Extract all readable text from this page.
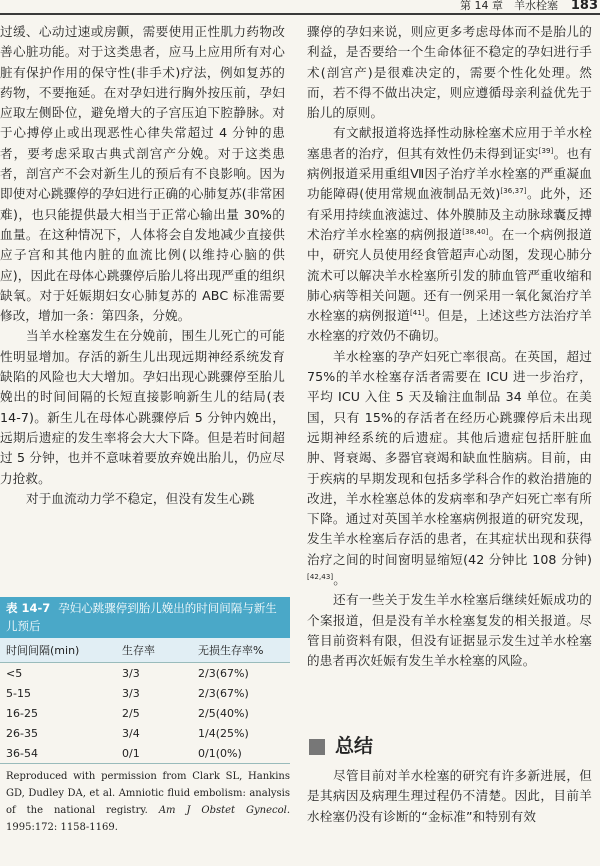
第 14 章　羊水栓塞 183

过缓、心动过速或房颤，需要使用正性肌力药物改善心脏功能。对于这类患者，应马上应用所有对心脏有保护作用的保守性(非手术)疗法，例如复苏的药物，不要拖延。在对孕妇进行胸外按压前，孕妇应取左侧卧位，避免增大的子宫压迫下腔静脉。对于心搏停止或出现恶性心律失常超过 4 分钟的患者，要考虑采取古典式剖宫产分娩。对于这类患者，剖宫产不会对新生儿的预后有不良影响。因为即使对心跳骤停的孕妇进行正确的心肺复苏(非常困难)，也只能提供最大相当于正常心输出量 30%的血量。在这种情况下，人体将会自发地减少直接供应子宫和其他内脏的血流比例(以维持心脑的供应)，因此在母体心跳骤停后胎儿将出现严重的组织缺氧。对于妊娠期妇女心肺复苏的 ABC 标准需要修改，增加一条：第四条，分娩。

当羊水栓塞发生在分娩前，围生儿死亡的可能性明显增加。存活的新生儿出现远期神经系统发育缺陷的风险也大大增加。孕妇出现心跳骤停至胎儿娩出的时间间隔的长短直接影响新生儿的结局(表 14-7)。新生儿在母体心跳骤停后 5 分钟内娩出，远期后遗症的发生率将会大大下降。但是若时间超过 5 分钟，也并不意味着要放弃娩出胎儿，仍应尽力抢救。

对于血流动力学不稳定，但没有发生心跳

表 14-7 孕妇心跳骤停到胎儿娩出的时间间隔与新生儿预后
时间间隔(min)	生存率	无损生存率%
<5	3/3	2/3(67%)
5-15	3/3	2/3(67%)
16-25	2/5	2/5(40%)
26-35	3/4	1/4(25%)
36-54	0/1	0/1(0%)
Reproduced with permission from Clark SL, Hankins GD, Dudley DA, et al. Amniotic fluid embolism: analysis of the national registry. Am J Obstet Gynecol. 1995:172: 1158-1169.

骤停的孕妇来说，则应更多考虑母体而不是胎儿的利益，是否要给一个生命体征不稳定的孕妇进行手术(剖宫产)是很难决定的，需要个性化处理。然而，若不得不做出决定，则应遵循母亲利益优先于胎儿的原则。

有文献报道将选择性动脉栓塞术应用于羊水栓塞患者的治疗，但其有效性仍未得到证实[39]。也有病例报道采用重组Ⅶ因子治疗羊水栓塞的严重凝血功能障碍(使用常规血液制品无效)[36,37]。此外，还有采用持续血液滤过、体外膜肺及主动脉球囊反搏术治疗羊水栓塞的病例报道[38,40]。在一个病例报道中，研究人员使用经食管超声心动图，发现心肺分流术可以解决羊水栓塞所引发的肺血管严重收缩和肺心病等相关问题。还有一例采用一氧化氮治疗羊水栓塞的病例报道[41]。但是，上述这些方法治疗羊水栓塞的疗效仍不确切。

羊水栓塞的孕产妇死亡率很高。在英国，超过 75%的羊水栓塞存活者需要在 ICU 进一步治疗，平均 ICU 入住 5 天及输注血制品 34 单位。在美国，只有 15%的存活者在经历心跳骤停后未出现远期神经系统的后遗症。其他后遗症包括肝脏血肿、肾衰竭、多器官衰竭和缺血性脑病。目前，由于疾病的早期发现和包括多学科合作的救治措施的改进，羊水栓塞总体的发病率和孕产妇死亡率有所下降。通过对英国羊水栓塞病例报道的研究发现，发生羊水栓塞后存活的患者，在其症状出现和获得治疗之间的时间窗明显缩短(42 分钟比 108 分钟)[42,43]。

还有一些关于发生羊水栓塞后继续妊娠成功的个案报道，但是没有羊水栓塞复发的相关报道。尽管目前资料有限，但没有证据显示发生过羊水栓塞的患者再次妊娠有发生羊水栓塞的风险。

总结

尽管目前对羊水栓塞的研究有许多新进展，但是其病因及病理生理过程仍不清楚。因此，目前羊水栓塞仍没有诊断的“金标准”和特别有效
